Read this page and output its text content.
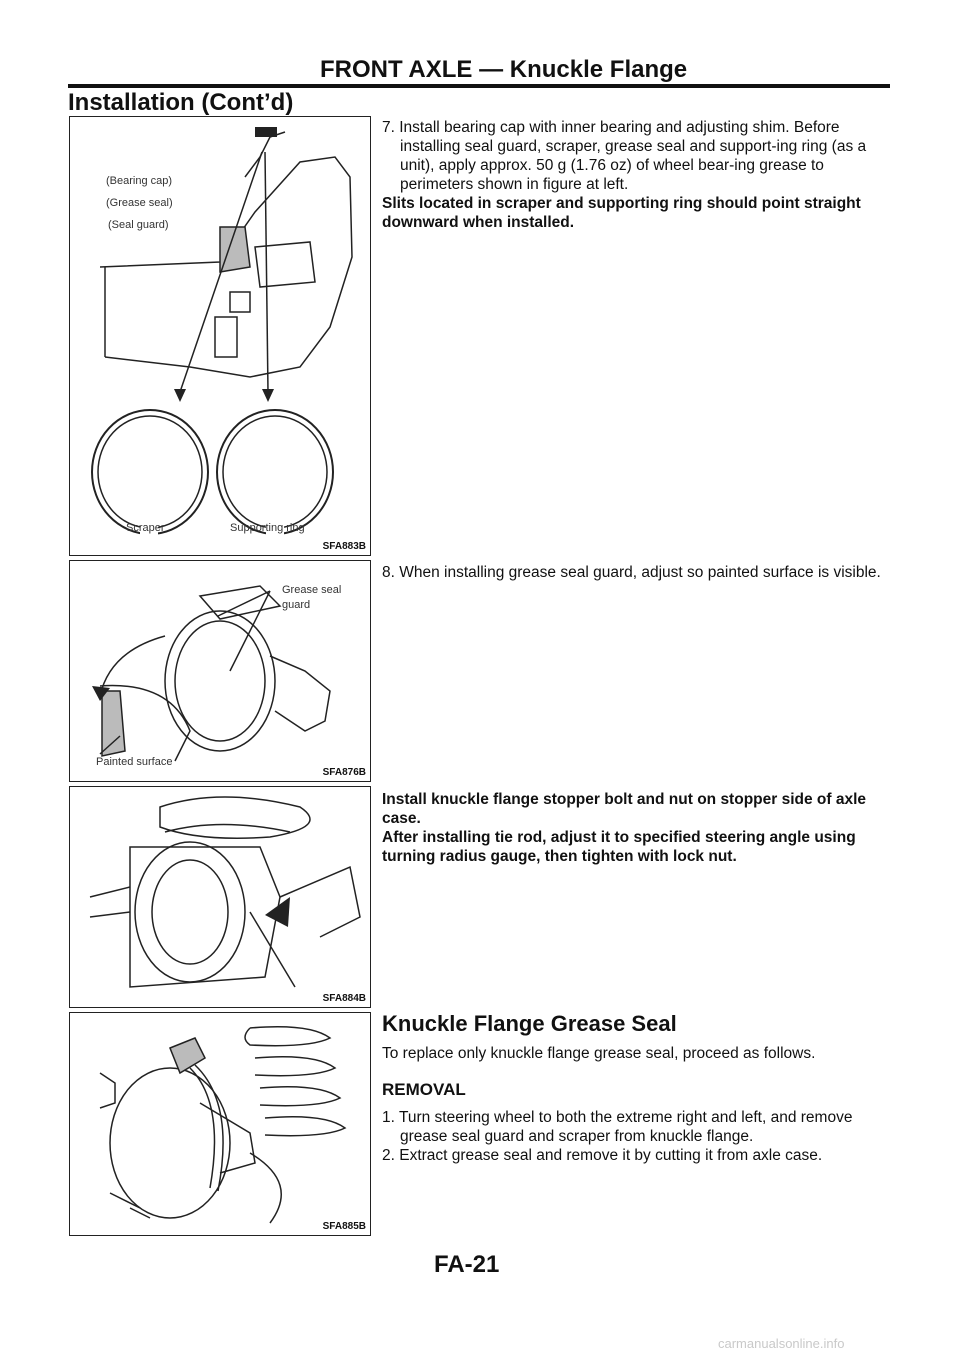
FRONT AXLE — Knuckle Flange
Installation (Cont’d)
(Bearing cap)
(Grease seal)
(Seal guard)
Scraper	Supporting ring
SFA883B
Grease seal
guard
Painted surface
SFA876B
SFA884B
SFA885B

7. Install bearing cap with inner bearing and adjusting shim. Before installing seal guard, scraper, grease seal and support-ing ring (as a unit), apply approx. 50 g (1.76 oz) of wheel bear-ing grease to perimeters shown in figure at left.

Slits located in scraper and supporting ring should point straight downward when installed.

8. When installing grease seal guard, adjust so painted surface is visible.

Install knuckle flange stopper bolt and nut on stopper side of axle case.

After installing tie rod, adjust it to specified steering angle using turning radius gauge, then tighten with lock nut.

Knuckle Flange Grease Seal
To replace only knuckle flange grease seal, proceed as follows.
REMOVAL

1. Turn steering wheel to both the extreme right and left, and remove grease seal guard and scraper from knuckle flange.

2. Extract grease seal and remove it by cutting it from axle case.

FA-21
carmanualsonline.info
